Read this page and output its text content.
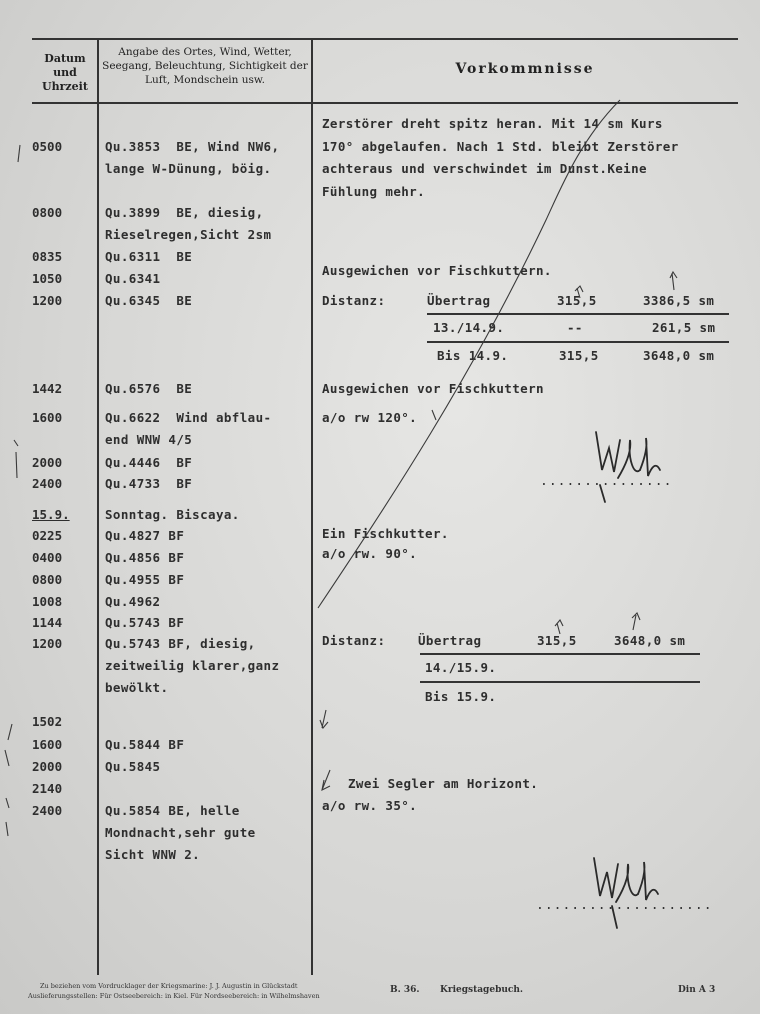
Datum und Uhrzeit
Angabe des Ortes, Wind, Wetter, Seegang, Beleuchtung, Sichtigkeit der Luft, Mondschein usw.
Vorkommnisse
0500	Qu.3853  BE, Wind NW6,
lange W-Dünung, böig.
0800	Qu.3899  BE, diesig,
Rieselregen,Sicht 2sm
0835	Qu.6311  BE
1050	Qu.6341
1200	Qu.6345  BE
1442	Qu.6576  BE
1600	Qu.6622  Wind abflau-
end WNW 4/5
2000	Qu.4446  BF
2400	Qu.4733  BF
15.9.	Sonntag. Biscaya.
0225	Qu.4827 BF
0400	Qu.4856 BF
0800	Qu.4955 BF
1008	Qu.4962
1144	Qu.5743 BF
1200	Qu.5743 BF, diesig,
zeitweilig klarer,ganz
bewölkt.
1502
1600	Qu.5844 BF
2000	Qu.5845
2140
2400	Qu.5854 BE, helle
Mondnacht,sehr gute
Sicht WNW 2.
Zerstörer dreht spitz heran. Mit 14 sm Kurs
170° abgelaufen. Nach 1 Std. bleibt Zerstörer
achteraus und verschwindet im Dunst.Keine
Fühlung mehr.
Ausgewichen vor Fischkuttern.
Distanz:	Übertrag	315,5	3386,5 sm
13./14.9.	--	261,5 sm
Bis 14.9.	315,5	3648,0 sm
Ausgewichen vor Fischkuttern
a/o rw 120°.
...............
Ein Fischkutter.
a/o rw. 90°.
Distanz:	Übertrag	315,5	3648,0 sm
14./15.9.
Bis 15.9.
Zwei Segler am Horizont.
a/o rw. 35°.
....................
Zu beziehen vom Vordrucklager der Kriegsmarine: J. J. Augustin in Glückstadt
Auslieferungsstellen: Für Ostseebereich: in Kiel. Für Nordseebereich: in Wilhelmshaven
B. 36. Kriegstagebuch.	Din A 3
